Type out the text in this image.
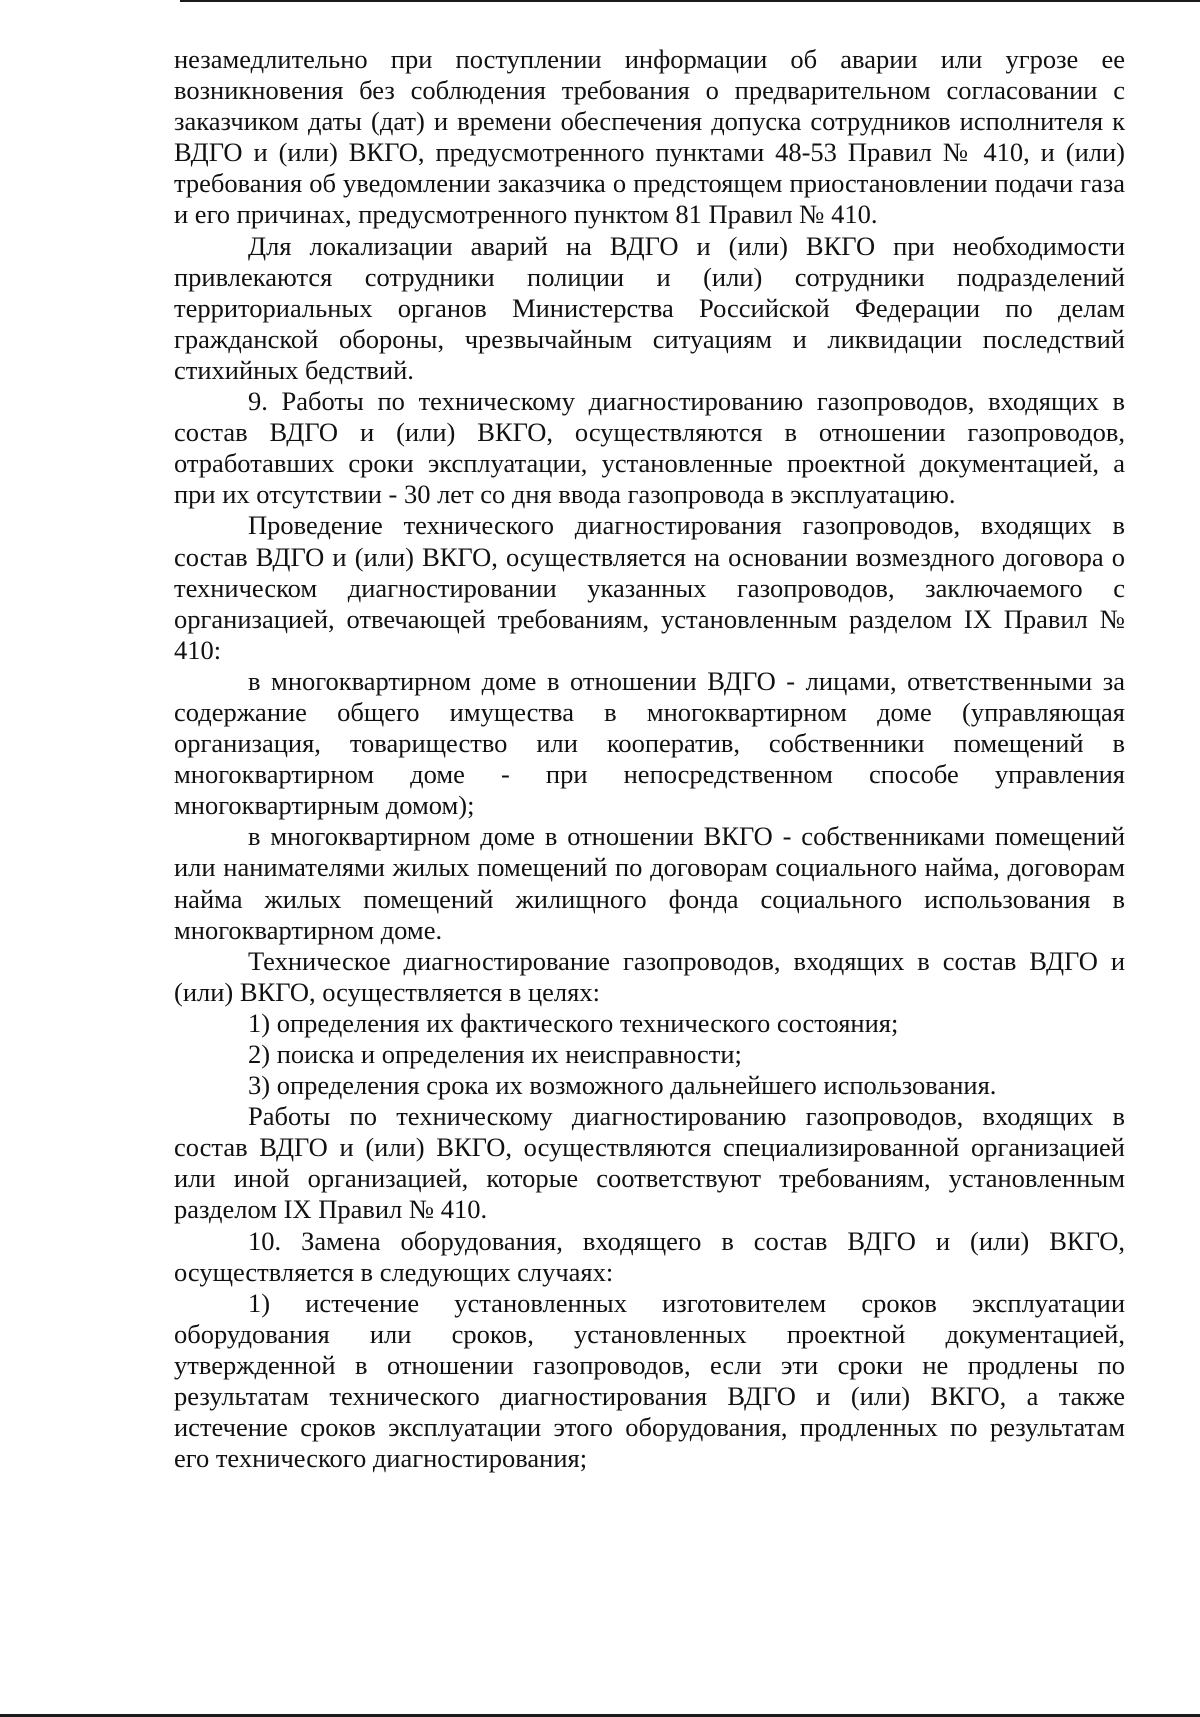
незамедлительно при поступлении информации об аварии или угрозе ее возникновения без соблюдения требования о предварительном согласовании с заказчиком даты (дат) и времени обеспечения допуска сотрудников исполнителя к ВДГО и (или) ВКГО, предусмотренного пунктами 48-53 Правил № 410, и (или) требования об уведомлении заказчика о предстоящем приостановлении подачи газа и его причинах, предусмотренного пунктом 81 Правил № 410.

Для локализации аварий на ВДГО и (или) ВКГО при необходимости привлекаются сотрудники полиции и (или) сотрудники подразделений территориальных органов Министерства Российской Федерации по делам гражданской обороны, чрезвычайным ситуациям и ликвидации последствий стихийных бедствий.

9. Работы по техническому диагностированию газопроводов, входящих в состав ВДГО и (или) ВКГО, осуществляются в отношении газопроводов, отработавших сроки эксплуатации, установленные проектной документацией, а при их отсутствии - 30 лет со дня ввода газопровода в эксплуатацию.

Проведение технического диагностирования газопроводов, входящих в состав ВДГО и (или) ВКГО, осуществляется на основании возмездного договора о техническом диагностировании указанных газопроводов, заключаемого с организацией, отвечающей требованиям, установленным разделом IX Правил № 410:

в многоквартирном доме в отношении ВДГО - лицами, ответственными за содержание общего имущества в многоквартирном доме (управляющая организация, товарищество или кооператив, собственники помещений в многоквартирном доме - при непосредственном способе управления многоквартирным домом);

в многоквартирном доме в отношении ВКГО - собственниками помещений или нанимателями жилых помещений по договорам социального найма, договорам найма жилых помещений жилищного фонда социального использования в многоквартирном доме.

Техническое диагностирование газопроводов, входящих в состав ВДГО и (или) ВКГО, осуществляется в целях:

1) определения их фактического технического состояния;

2) поиска и определения их неисправности;

3) определения срока их возможного дальнейшего использования.

Работы по техническому диагностированию газопроводов, входящих в состав ВДГО и (или) ВКГО, осуществляются специализированной организацией или иной организацией, которые соответствуют требованиям, установленным разделом IX Правил № 410.

10. Замена оборудования, входящего в состав ВДГО и (или) ВКГО, осуществляется в следующих случаях:

1) истечение установленных изготовителем сроков эксплуатации оборудования или сроков, установленных проектной документацией, утвержденной в отношении газопроводов, если эти сроки не продлены по результатам технического диагностирования ВДГО и (или) ВКГО, а также истечение сроков эксплуатации этого оборудования, продленных по результатам его технического диагностирования;
